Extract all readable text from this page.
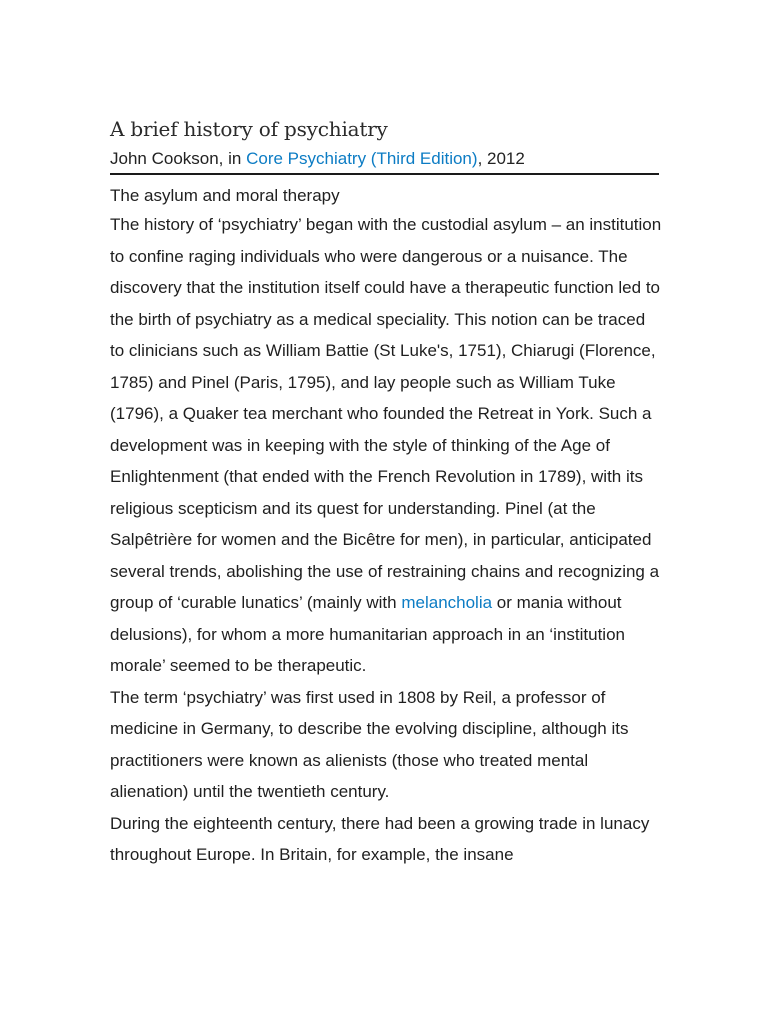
A brief history of psychiatry
John Cookson, in Core Psychiatry (Third Edition), 2012
The asylum and moral therapy

The history of ‘psychiatry’ began with the custodial asylum – an institution to confine raging individuals who were dangerous or a nuisance. The discovery that the institution itself could have a therapeutic function led to the birth of psychiatry as a medical speciality. This notion can be traced to clinicians such as William Battie (St Luke's, 1751), Chiarugi (Florence, 1785) and Pinel (Paris, 1795), and lay people such as William Tuke (1796), a Quaker tea merchant who founded the Retreat in York. Such a development was in keeping with the style of thinking of the Age of Enlightenment (that ended with the French Revolution in 1789), with its religious scepticism and its quest for understanding. Pinel (at the Salpêtrière for women and the Bicêtre for men), in particular, anticipated several trends, abolishing the use of restraining chains and recognizing a group of ‘curable lunatics’ (mainly with melancholia or mania without delusions), for whom a more humanitarian approach in an ‘institution morale’ seemed to be therapeutic.

The term ‘psychiatry’ was first used in 1808 by Reil, a professor of medicine in Germany, to describe the evolving discipline, although its practitioners were known as alienists (those who treated mental alienation) until the twentieth century.

During the eighteenth century, there had been a growing trade in lunacy throughout Europe. In Britain, for example, the insane
